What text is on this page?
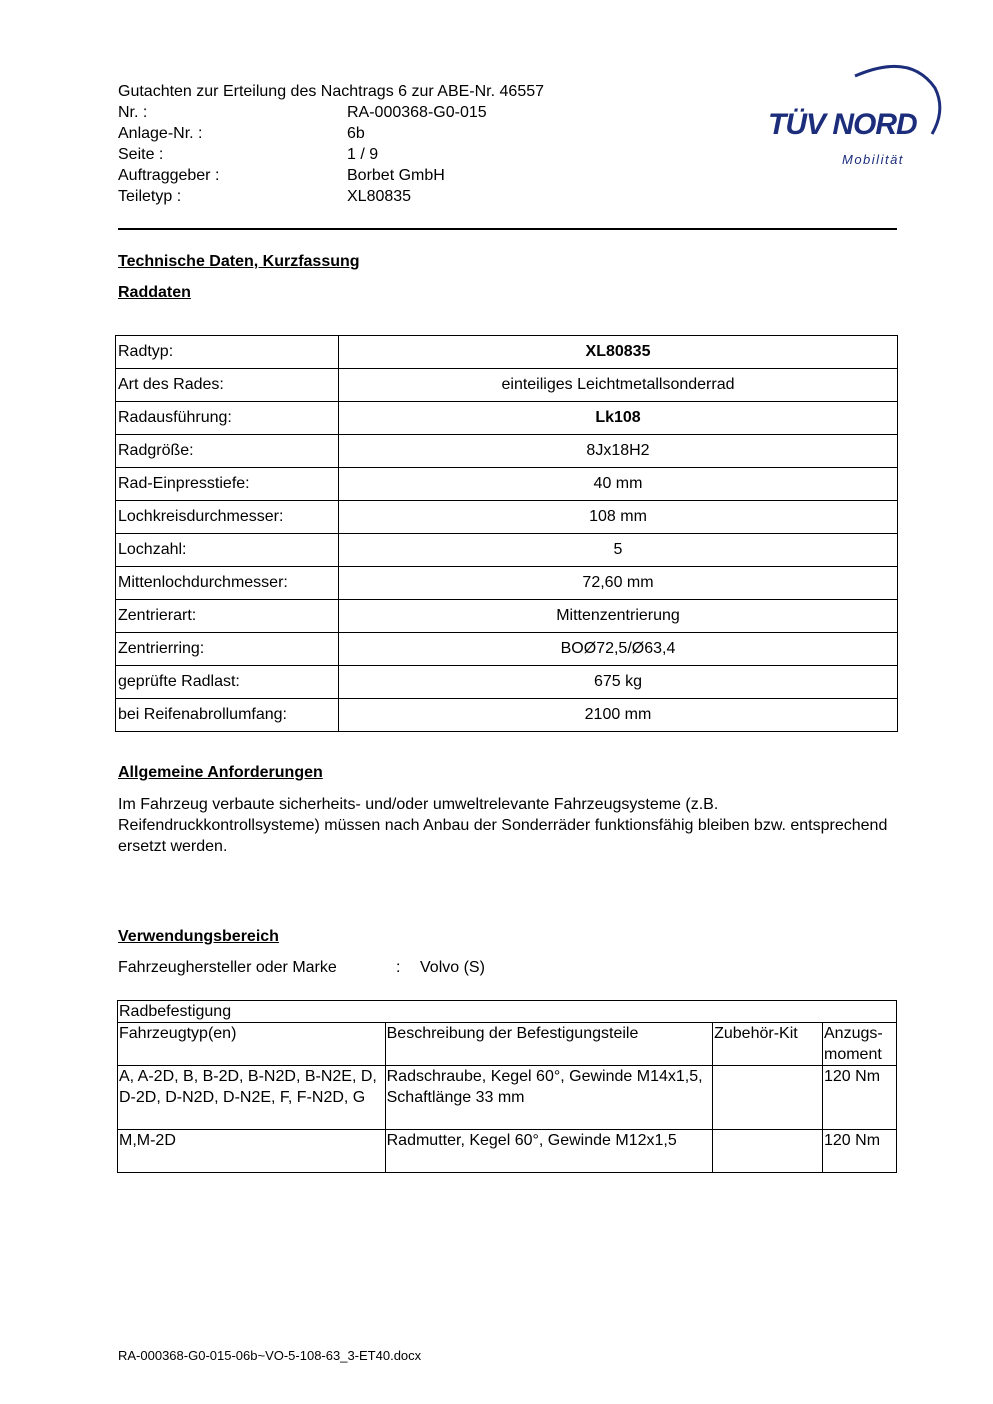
Gutachten zur Erteilung des Nachtrags 6 zur ABE-Nr. 46557
Nr. :	RA-000368-G0-015
Anlage-Nr. :	6b
Seite :	1 / 9
Auftraggeber :	Borbet GmbH
Teiletyp :	XL80835
TÜV NORD
Mobilität
Technische Daten, Kurzfassung
Raddaten
Radtyp:	XL80835
Art des Rades:	einteiliges Leichtmetallsonderrad
Radausführung:	Lk108
Radgröße:	8Jx18H2
Rad-Einpresstiefe:	40 mm
Lochkreisdurchmesser:	108 mm
Lochzahl:	5
Mittenlochdurchmesser:	72,60 mm
Zentrierart:	Mittenzentrierung
Zentrierring:	BOØ72,5/Ø63,4
geprüfte Radlast:	675 kg
bei Reifenabrollumfang:	2100 mm
Allgemeine Anforderungen
Im Fahrzeug verbaute sicherheits- und/oder umweltrelevante Fahrzeugsysteme (z.B. Reifendruckkontrollsysteme) müssen nach Anbau der Sonderräder funktionsfähig bleiben bzw. entsprechend ersetzt werden.
Verwendungsbereich
Fahrzeughersteller oder Marke	: Volvo (S)
Radbefestigung			
Fahrzeugtyp(en)	Beschreibung der Befestigungsteile	Zubehör-Kit	Anzugs-moment
A, A-2D, B, B-2D, B-N2D, B-N2E, D, D-2D, D-N2D, D-N2E, F, F-N2D, G	Radschraube, Kegel 60°, Gewinde M14x1,5, Schaftlänge 33 mm		120 Nm
M,M-2D	Radmutter, Kegel 60°, Gewinde M12x1,5		120 Nm
RA-000368-G0-015-06b~VO-5-108-63_3-ET40.docx
